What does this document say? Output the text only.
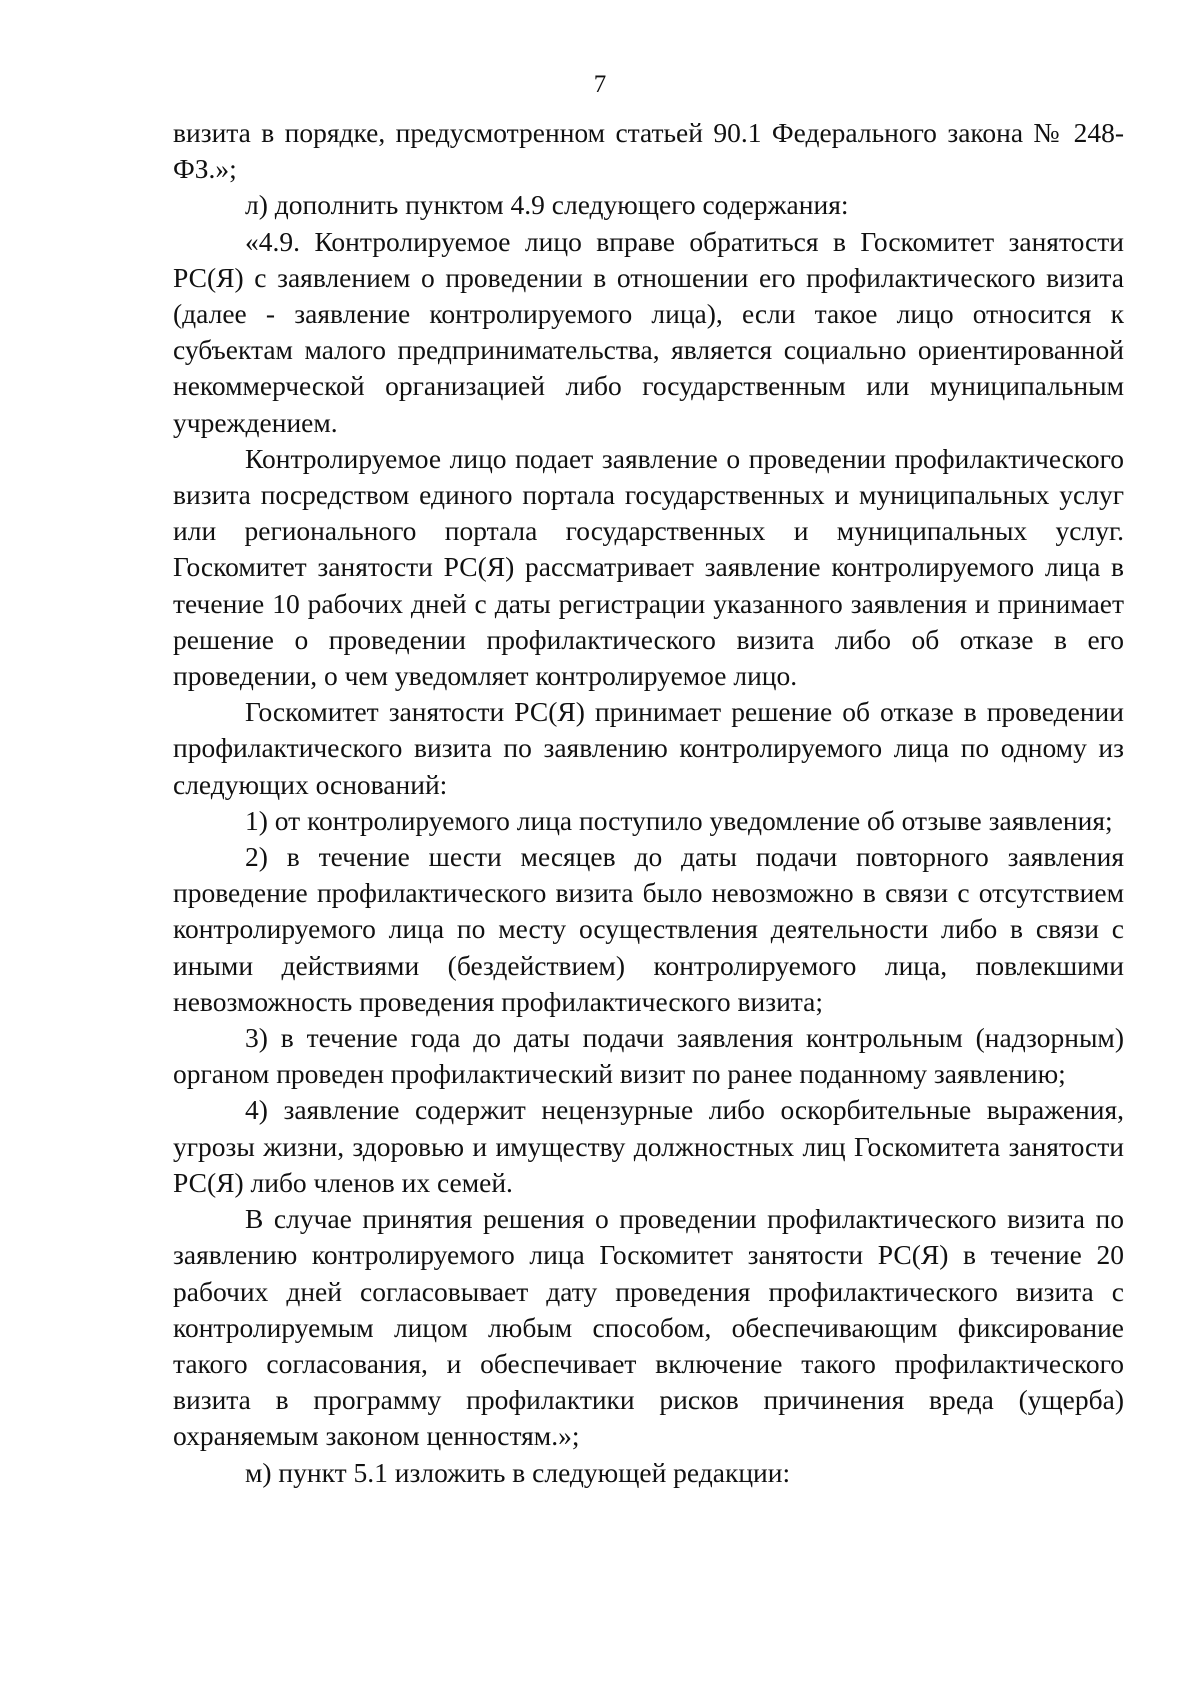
7

визита в порядке, предусмотренном статьей 90.1 Федерального закона № 248-ФЗ.»;

л) дополнить пунктом 4.9 следующего содержания:

«4.9. Контролируемое лицо вправе обратиться в Госкомитет занятости РС(Я) с заявлением о проведении в отношении его профилактического визита (далее - заявление контролируемого лица), если такое лицо относится к субъектам малого предпринимательства, является социально ориентированной некоммерческой организацией либо государственным или муниципальным учреждением.

Контролируемое лицо подает заявление о проведении профилактического визита посредством единого портала государственных и муниципальных услуг или регионального портала государственных и муниципальных услуг. Госкомитет занятости РС(Я) рассматривает заявление контролируемого лица в течение 10 рабочих дней с даты регистрации указанного заявления и принимает решение о проведении профилактического визита либо об отказе в его проведении, о чем уведомляет контролируемое лицо.

Госкомитет занятости РС(Я) принимает решение об отказе в проведении профилактического визита по заявлению контролируемого лица по одному из следующих оснований:

1) от контролируемого лица поступило уведомление об отзыве заявления;

2) в течение шести месяцев до даты подачи повторного заявления проведение профилактического визита было невозможно в связи с отсутствием контролируемого лица по месту осуществления деятельности либо в связи с иными действиями (бездействием) контролируемого лица, повлекшими невозможность проведения профилактического визита;

3) в течение года до даты подачи заявления контрольным (надзорным) органом проведен профилактический визит по ранее поданному заявлению;

4) заявление содержит нецензурные либо оскорбительные выражения, угрозы жизни, здоровью и имуществу должностных лиц Госкомитета занятости РС(Я) либо членов их семей.

В случае принятия решения о проведении профилактического визита по заявлению контролируемого лица Госкомитет занятости РС(Я) в течение 20 рабочих дней согласовывает дату проведения профилактического визита с контролируемым лицом любым способом, обеспечивающим фиксирование такого согласования, и обеспечивает включение такого профилактического визита в программу профилактики рисков причинения вреда (ущерба) охраняемым законом ценностям.»;

м) пункт 5.1 изложить в следующей редакции:
